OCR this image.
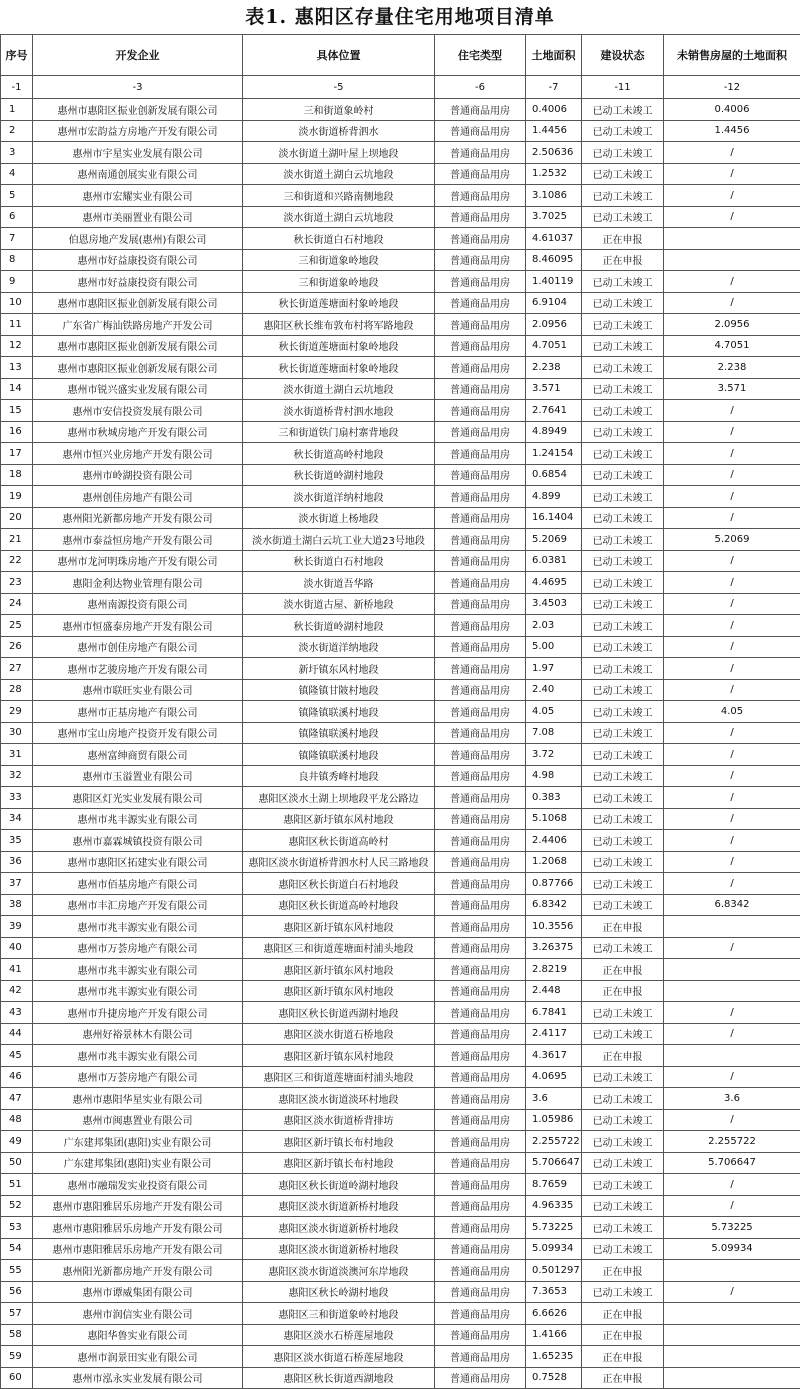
表1. 惠阳区存量住宅用地项目清单
序号	开发企业	具体位置	住宅类型	土地面积	建设状态	未销售房屋的土地面积
-1	-3	-5	-6	-7	-11	-12
1	惠州市惠阳区振业创新发展有限公司	三和街道象岭村	普通商品用房	0.4006	已动工未竣工	0.4006
2	惠州市宏韵益方房地产开发有限公司	淡水街道桥背泗水	普通商品用房	1.4456	已动工未竣工	1.4456
3	惠州市宇星实业发展有限公司	淡水街道土湖叶屋上坝地段	普通商品用房	2.50636	已动工未竣工	/
4	惠州南通创展实业有限公司	淡水街道土湖白云坑地段	普通商品用房	1.2532	已动工未竣工	/
5	惠州市宏耀实业有限公司	三和街道和兴路南侧地段	普通商品用房	3.1086	已动工未竣工	/
6	惠州市美丽置业有限公司	淡水街道土湖白云坑地段	普通商品用房	3.7025	已动工未竣工	/
7	伯恩房地产发展(惠州)有限公司	秋长街道白石村地段	普通商品用房	4.61037	正在申报	
8	惠州市好益康投资有限公司	三和街道象岭地段	普通商品用房	8.46095	正在申报	
9	惠州市好益康投资有限公司	三和街道象岭地段	普通商品用房	1.40119	已动工未竣工	/
10	惠州市惠阳区振业创新发展有限公司	秋长街道莲塘面村象岭地段	普通商品用房	6.9104	已动工未竣工	/
11	广东省广梅汕铁路房地产开发公司	惠阳区秋长维布敦布村将军路地段	普通商品用房	2.0956	已动工未竣工	2.0956
12	惠州市惠阳区振业创新发展有限公司	秋长街道莲塘面村象岭地段	普通商品用房	4.7051	已动工未竣工	4.7051
13	惠州市惠阳区振业创新发展有限公司	秋长街道莲塘面村象岭地段	普通商品用房	2.238	已动工未竣工	2.238
14	惠州市锐兴盛实业发展有限公司	淡水街道土湖白云坑地段	普通商品用房	3.571	已动工未竣工	3.571
15	惠州市安信投资发展有限公司	淡水街道桥背村泗水地段	普通商品用房	2.7641	已动工未竣工	/
16	惠州市秋城房地产开发有限公司	三和街道铁门扇村寨背地段	普通商品用房	4.8949	已动工未竣工	/
17	惠州市恒兴业房地产开发有限公司	秋长街道高岭村地段	普通商品用房	1.24154	已动工未竣工	/
18	惠州市岭湖投资有限公司	秋长街道岭湖村地段	普通商品用房	0.6854	已动工未竣工	/
19	惠州创佳房地产有限公司	淡水街道洋纳村地段	普通商品用房	4.899	已动工未竣工	/
20	惠州阳光新都房地产开发有限公司	淡水街道上杨地段	普通商品用房	16.1404	已动工未竣工	/
21	惠州市泰益恒房地产开发有限公司	淡水街道土湖白云坑工业大道23号地段	普通商品用房	5.2069	已动工未竣工	5.2069
22	惠州市龙河明珠房地产开发有限公司	秋长街道白石村地段	普通商品用房	6.0381	已动工未竣工	/
23	惠阳金利达物业管理有限公司	淡水街道吾华路	普通商品用房	4.4695	已动工未竣工	/
24	惠州南源投资有限公司	淡水街道古屋、新桥地段	普通商品用房	3.4503	已动工未竣工	/
25	惠州市恒盛泰房地产开发有限公司	秋长街道岭湖村地段	普通商品用房	2.03	已动工未竣工	/
26	惠州市创佳房地产有限公司	淡水街道洋纳地段	普通商品用房	5.00	已动工未竣工	/
27	惠州市艺骏房地产开发有限公司	新圩镇东风村地段	普通商品用房	1.97	已动工未竣工	/
28	惠州市联旺实业有限公司	镇隆镇甘陂村地段	普通商品用房	2.40	已动工未竣工	/
29	惠州市正基房地产有限公司	镇隆镇联溪村地段	普通商品用房	4.05	已动工未竣工	4.05
30	惠州市宝山房地产投资开发有限公司	镇隆镇联溪村地段	普通商品用房	7.08	已动工未竣工	/
31	惠州富绅商贸有限公司	镇隆镇联溪村地段	普通商品用房	3.72	已动工未竣工	/
32	惠州市玉溢置业有限公司	良井镇秀峰村地段	普通商品用房	4.98	已动工未竣工	/
33	惠阳区灯光实业发展有限公司	惠阳区淡水土湖上坝地段平龙公路边	普通商品用房	0.383	已动工未竣工	/
34	惠州市兆丰源实业有限公司	惠阳区新圩镇东风村地段	普通商品用房	5.1068	已动工未竣工	/
35	惠州市嘉霖城镇投资有限公司	惠阳区秋长街道高岭村	普通商品用房	2.4406	已动工未竣工	/
36	惠州市惠阳区拓建实业有限公司	惠阳区淡水街道桥背泗水村人民三路地段	普通商品用房	1.2068	已动工未竣工	/
37	惠州市佰基房地产有限公司	惠阳区秋长街道白石村地段	普通商品用房	0.87766	已动工未竣工	/
38	惠州市丰汇房地产开发有限公司	惠阳区秋长街道高岭村地段	普通商品用房	6.8342	已动工未竣工	6.8342
39	惠州市兆丰源实业有限公司	惠阳区新圩镇东风村地段	普通商品用房	10.3556	正在申报	
40	惠州市万荟房地产有限公司	惠阳区三和街道莲塘面村浦头地段	普通商品用房	3.26375	已动工未竣工	/
41	惠州市兆丰源实业有限公司	惠阳区新圩镇东风村地段	普通商品用房	2.8219	正在申报	
42	惠州市兆丰源实业有限公司	惠阳区新圩镇东风村地段	普通商品用房	2.448	正在申报	
43	惠州市升捷房地产开发有限公司	惠阳区秋长街道西湖村地段	普通商品用房	6.7841	已动工未竣工	/
44	惠州好裕景林木有限公司	惠阳区淡水街道石桥地段	普通商品用房	2.4117	已动工未竣工	/
45	惠州市兆丰源实业有限公司	惠阳区新圩镇东风村地段	普通商品用房	4.3617	正在申报	
46	惠州市万荟房地产有限公司	惠阳区三和街道莲塘面村浦头地段	普通商品用房	4.0695	已动工未竣工	/
47	惠州市惠阳华星实业有限公司	惠阳区淡水街道淡环村地段	普通商品用房	3.6	已动工未竣工	3.6
48	惠州市闽惠置业有限公司	惠阳区淡水街道桥背排坊	普通商品用房	1.05986	已动工未竣工	/
49	广东建邦集团(惠阳)实业有限公司	惠阳区新圩镇长布村地段	普通商品用房	2.255722	已动工未竣工	2.255722
50	广东建邦集团(惠阳)实业有限公司	惠阳区新圩镇长布村地段	普通商品用房	5.706647	已动工未竣工	5.706647
51	惠州市融瑞发实业投资有限公司	惠阳区秋长街道岭湖村地段	普通商品用房	8.7659	已动工未竣工	/
52	惠州市惠阳雅居乐房地产开发有限公司	惠阳区淡水街道新桥村地段	普通商品用房	4.96335	已动工未竣工	/
53	惠州市惠阳雅居乐房地产开发有限公司	惠阳区淡水街道新桥村地段	普通商品用房	5.73225	已动工未竣工	5.73225
54	惠州市惠阳雅居乐房地产开发有限公司	惠阳区淡水街道新桥村地段	普通商品用房	5.09934	已动工未竣工	5.09934
55	惠州阳光新都房地产开发有限公司	惠阳区淡水街道淡澳河东岸地段	普通商品用房	0.501297	正在申报	
56	惠州市谭威集团有限公司	惠阳区秋长岭湖村地段	普通商品用房	7.3653	已动工未竣工	/
57	惠州市润信实业有限公司	惠阳区三和街道象岭村地段	普通商品用房	6.6626	正在申报	
58	惠阳华鲁实业有限公司	惠阳区淡水石桥莲屋地段	普通商品用房	1.4166	正在申报	
59	惠州市润景田实业有限公司	惠阳区淡水街道石桥莲屋地段	普通商品用房	1.65235	正在申报	
60	惠州市泓永实业发展有限公司	惠阳区秋长街道西湖地段	普通商品用房	0.7528	正在申报	
